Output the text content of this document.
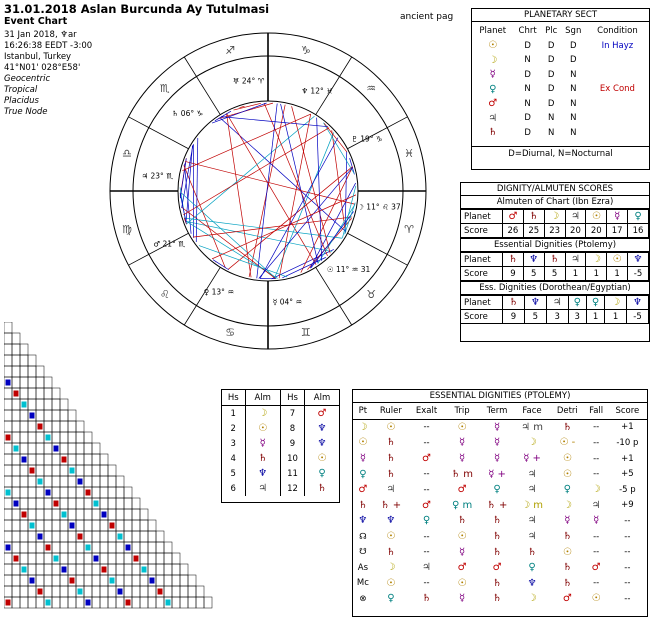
31.01.2018 Aslan Burcunda Ay Tutulmasi
Event Chart
31 Jan 2018, ♆ar
16:26:38 EEDT -3:00
Istanbul, Turkey
41°N01' 028°E58'
Geocentric
Tropical
Placidus
True Node
ancient pag
♈
♉
♊
♋
♌
♍
♎
♏
♐	♑
♒
♓
☽ 11° ♌ 37
☉ 11° ♒ 31
☿ 04° ♒
♀ 13° ♒
♂ 21° ♏
♃ 23° ♏
♄ 06° ♑
♅ 24° ♈
♆ 12° ♓
♇ 19° ♑
PLANETARY SECT
Planet	Chrt	Plc	Sgn	Condition
☉	D	D	D	In Hayz
☽	N	D	D	
☿	D	D	N	
♀	N	D	N	Ex Cond
♂	N	D	N	
♃	D	N	N	
♄	D	N	N	
D=Diurnal, N=Nocturnal
DIGNITY/ALMUTEN SCORES
Almuten of Chart (Ibn Ezra)
Planet	♂	♄	☽	♃	☉	☿	♀
Score	26	25	23	20	20	17	16
Essential Dignities (Ptolemy)
Planet	♄	♆	♄	♃	☽	☉	♆
Score	9	5	5	1	1	1	-5
Ess. Dignities (Dorothean/Egyptian)
Planet	♄	♆	♃	♀	♀	☽	♆
Score	9	5	3	3	1	1	-5
Hs	Alm	Hs	Alm
1	☽	7	♂
2	☉	8	♆
3	☿	9	♆
4	♄	10	☉
5	♆	11	♀
6	♃	12	♄
ESSENTIAL DIGNITIES (PTOLEMY)
Pt	Ruler	Exalt	Trip	Term	Face	Detri	Fall	Score
☽	☉	--	☉	☿	♃ m	♄	--	+1
☉	♄	--	☿	☿	☽	☉ -	--	-10 p
☿	♄	♂	☿	☿	☿ +	☉	--	+1
♀	♄	--	♄ m	☿ +	♃	☉	--	+5
♂	♃	--	♂	♀	♃	♀	☽	-5 p
♄	♄ +	♂	♀ m	♄ +	☽ m	☽	♃	+9
♆	♆	♀	♄	♄	♃	☿	☿	--
☊	☉	--	☉	♄	♃	♄	--	--
☋	♄	--	☿	♄	♄	☉	--	--
As	☽	♃	♂	♂	♀	♄	♂	--
Mc	☉	--	☉	♄	♆	♄	--	--
⊗	♀	♄	☿	♄	☽	♂	☉	--
